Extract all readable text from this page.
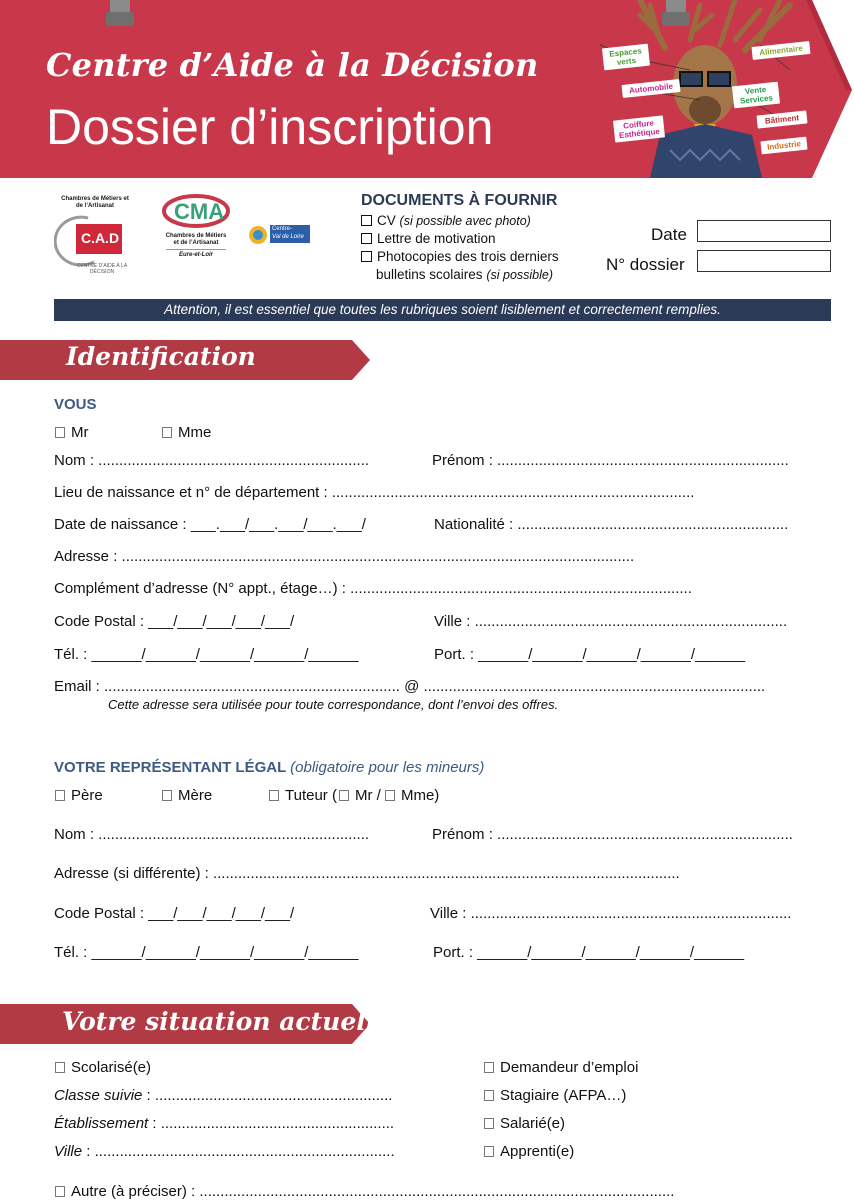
Centre d’Aide à la Décision
Dossier d’inscription
Espaces verts
Alimentaire
Automobile	Vente Services
Coiffure Esthétique
Bâtiment
Industrie
Chambres de Métiers et de l’Artisanat
C.A.D
CENTRE D’AIDE À LA DÉCISION
CMA
Chambres de Métiers
et de l’Artisanat
Eure-et-Loir
Centre-
Val de Loire
DOCUMENTS À FOURNIR
CV (si possible avec photo)
Lettre de motivation
Photocopies des trois derniers
bulletins scolaires (si possible)
Date
N° dossier
Attention, il est essentiel que toutes les rubriques soient lisiblement et correctement remplies.
Identification
VOUS
Mr	Mme
Nom : .................................................................	Prénom : ......................................................................
Lieu de naissance et n° de département : .......................................................................................
Date de naissance : ___.___/___.___/___.___/	Nationalité : .................................................................
Adresse : ...........................................................................................................................
Complément d’adresse (N° appt., étage…) : ..................................................................................
Code Postal : ___/___/___/___/___/	Ville : ...........................................................................
Tél. : ______/______/______/______/______	Port. : ______/______/______/______/______
Email : ....................................................................... @ ..................................................................................
Cette adresse sera utilisée pour toute correspondance, dont l’envoi des offres.
VOTRE REPRÉSENTANT LÉGAL (obligatoire pour les mineurs)
Père	Mère	Tuteur ( Mr / Mme)
Nom : .................................................................	Prénom : .......................................................................
Adresse (si différente) : ................................................................................................................
Code Postal : ___/___/___/___/___/	Ville : .............................................................................
Tél. : ______/______/______/______/______	Port. : ______/______/______/______/______
Votre situation actuelle
Scolarisé(e)
Classe suivie : .........................................................
Établissement : ........................................................
Ville : ........................................................................
Demandeur d’emploi
Stagiaire (AFPA…)
Salarié(e)
Apprenti(e)
Autre (à préciser) : ..................................................................................................................
